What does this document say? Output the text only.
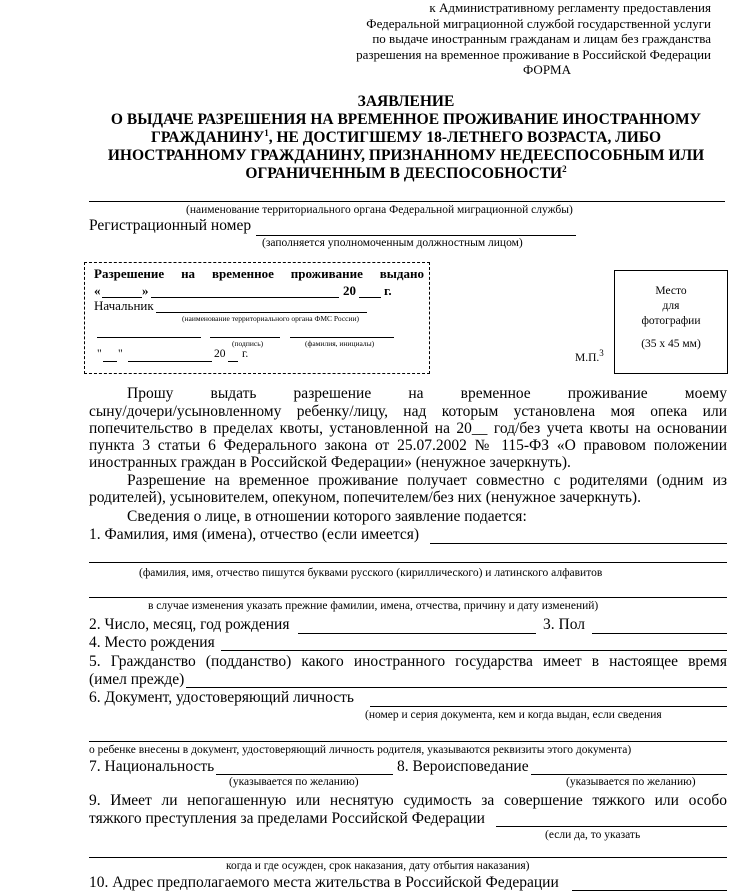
к Административному регламенту предоставления
Федеральной миграционной службой государственной услуги
по выдаче иностранным гражданам и лицам без гражданства
разрешения на временное проживание в Российской Федерации
ФОРМА
ЗАЯВЛЕНИЕ
О ВЫДАЧЕ РАЗРЕШЕНИЯ НА ВРЕМЕННОЕ ПРОЖИВАНИЕ ИНОСТРАННОМУ
ГРАЖДАНИНУ$^1$, НЕ ДОСТИГШЕМУ 18-ЛЕТНЕГО ВОЗРАСТА, ЛИБО
ИНОСТРАННОМУ ГРАЖДАНИНУ, ПРИЗНАННОМУ НЕДЕЕСПОСОБНЫМ ИЛИ
ОГРАНИЧЕННЫМ В ДЕЕСПОСОБНОСТИ$^2$
(наименование территориального органа Федеральной миграционной службы)
Регистрационный номер
(заполняется уполномоченным должностным лицом)
Разрешение на временное проживание выдано
«	»	20 г.
Начальник
(наименование территориального органа ФМС России)
(подпись)	(фамилия, инициалы)
" "	20 г.	М.П.$^3$
Место
для
фотографии
(35 х 45 мм)
Прошу выдать разрешение на временное проживание моему
сыну/дочери/усыновленному ребенку/лицу, над которым установлена моя опека или
попечительство в пределах квоты, установленной на 20__ год/без учета квоты на основании
пункта 3 статьи 6 Федерального закона от 25.07.2002 № 115-ФЗ «О правовом положении
иностранных граждан в Российской Федерации» (ненужное зачеркнуть).
Разрешение на временное проживание получает совместно с родителями (одним из
родителей), усыновителем, опекуном, попечителем/без них (ненужное зачеркнуть).
Сведения о лице, в отношении которого заявление подается:
1. Фамилия, имя (имена), отчество (если имеется)
(фамилия, имя, отчество пишутся буквами русского (кириллического) и латинского алфавитов
в случае изменения указать прежние фамилии, имена, отчества, причину и дату изменений)
2. Число, месяц, год рождения	3. Пол
4. Место рождения
5. Гражданство (подданство) какого иностранного государства имеет в настоящее время
(имел прежде)
6. Документ, удостоверяющий личность
(номер и серия документа, кем и когда выдан, если сведения
о ребенке внесены в документ, удостоверяющий личность родителя, указываются реквизиты этого документа)
7. Национальность
(указывается по желанию)
8. Вероисповедание
(указывается по желанию)
9. Имеет ли непогашенную или неснятую судимость за совершение тяжкого или особо
тяжкого преступления за пределами Российской Федерации
(если да, то указать
когда и где осужден, срок наказания, дату отбытия наказания)
10. Адрес предполагаемого места жительства в Российской Федерации
